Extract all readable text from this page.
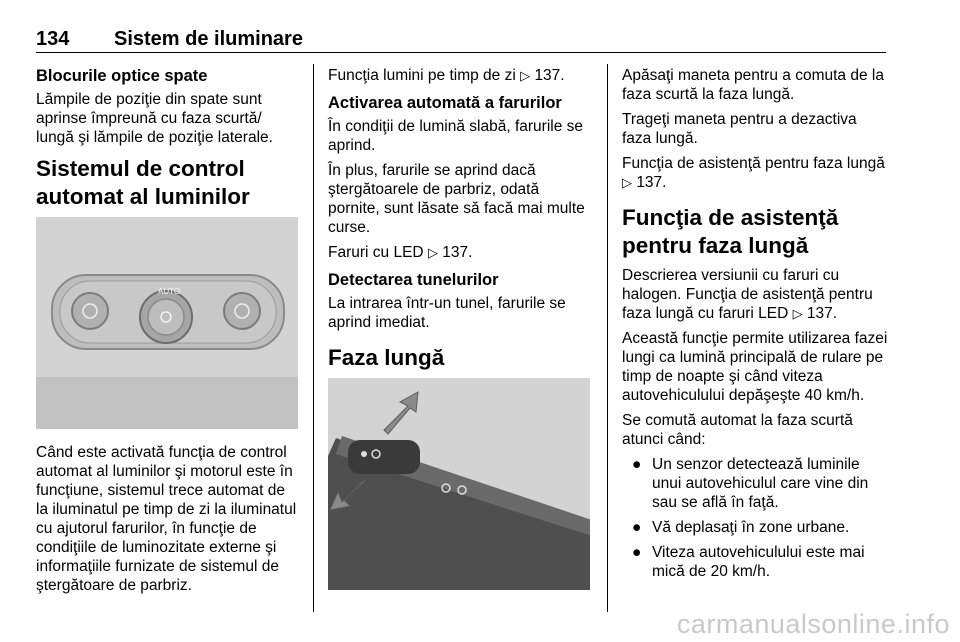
134 Sistem de iluminare
Blocurile optice spate

Lămpile de poziţie din spate sunt aprinse împreună cu faza scurtă/ lungă şi lămpile de poziţie laterale.

Sistemul de control automat al luminilor
AUTO

Când este activată funcţia de control automat al luminilor şi motorul este în funcţiune, sistemul trece automat de la iluminatul pe timp de zi la iluminatul cu ajutorul farurilor, în funcţie de condiţiile de luminozitate externe şi informaţiile furnizate de sistemul de ştergătoare de parbriz.

Funcţia lumini pe timp de zi ▷ 137.

Activarea automată a farurilor

În condiţii de lumină slabă, farurile se aprind.

În plus, farurile se aprind dacă ştergătoarele de parbriz, odată pornite, sunt lăsate să facă mai multe curse.

Faruri cu LED ▷ 137.

Detectarea tunelurilor

La intrarea într-un tunel, farurile se aprind imediat.

Faza lungă

Apăsaţi maneta pentru a comuta de la faza scurtă la faza lungă.

Trageţi maneta pentru a dezactiva faza lungă.

Funcţia de asistenţă pentru faza lungă ▷ 137.

Funcţia de asistenţă pentru faza lungă

Descrierea versiunii cu faruri cu halogen. Funcţia de asistenţă pentru faza lungă cu faruri LED ▷ 137.

Această funcţie permite utilizarea fazei lungi ca lumină principală de rulare pe timp de noapte şi când viteza autovehiculului depăşeşte 40 km/h.

Se comută automat la faza scurtă atunci când:

● Un senzor detectează luminile unui autovehiculul care vine din sau se află în faţă.
● Vă deplasaţi în zone urbane.
● Viteza autovehiculului este mai mică de 20 km/h.
carmanualsonline.info
